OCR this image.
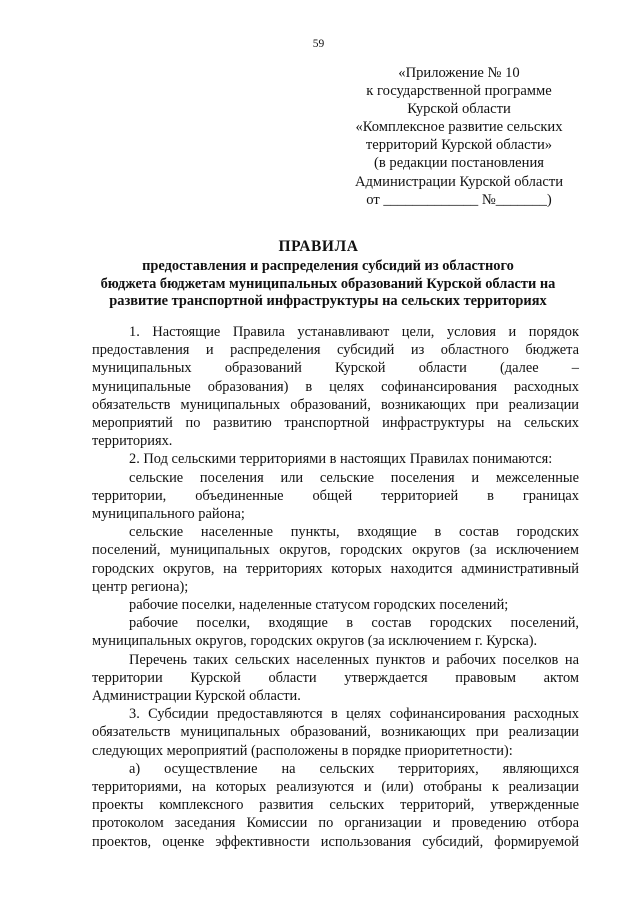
59
«Приложение № 10
к государственной программе
Курской области
«Комплексное развитие сельских
территорий Курской области»
(в редакции постановления
Администрации Курской области
от _____________ №_______)
ПРАВИЛА
предоставления и распределения субсидий из областного
бюджета бюджетам муниципальных образований Курской области на
развитие транспортной инфраструктуры на сельских территориях
1. Настоящие Правила устанавливают цели, условия и порядок
предоставления и распределения субсидий из областного бюджета
муниципальных образований Курской области (далее –
муниципальные образования) в целях софинансирования расходных
обязательств муниципальных образований, возникающих при реализации
мероприятий по развитию транспортной инфраструктуры на сельских
территориях.
2. Под сельскими территориями в настоящих Правилах понимаются:
сельские поселения или сельские поселения и межселенные
территории, объединенные общей территорией в границах
муниципального района;
сельские населенные пункты, входящие в состав городских
поселений, муниципальных округов, городских округов (за исключением
городских округов, на территориях которых находится административный
центр региона);
рабочие поселки, наделенные статусом городских поселений;
рабочие поселки, входящие в состав городских поселений,
муниципальных округов, городских округов (за исключением г. Курска).
Перечень таких сельских населенных пунктов и рабочих поселков на
территории Курской области утверждается правовым актом
Администрации Курской области.
3. Субсидии предоставляются в целях софинансирования расходных
обязательств муниципальных образований, возникающих при реализации
следующих мероприятий (расположены в порядке приоритетности):
а) осуществление на сельских территориях, являющихся
территориями, на которых реализуются и (или) отобраны к реализации
проекты комплексного развития сельских территорий, утвержденные
протоколом заседания Комиссии по организации и проведению отбора
проектов, оценке эффективности использования субсидий, формируемой
